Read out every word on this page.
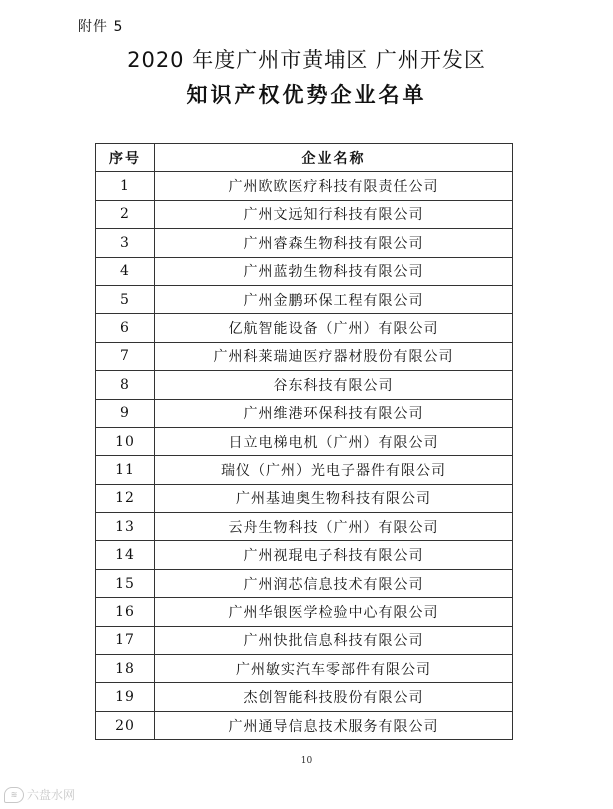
附件 5
2020 年度广州市黄埔区 广州开发区
知识产权优势企业名单
序号	企业名称
1	广州欧欧医疗科技有限责任公司
2	广州文远知行科技有限公司
3	广州睿森生物科技有限公司
4	广州蓝勃生物科技有限公司
5	广州金鹏环保工程有限公司
6	亿航智能设备（广州）有限公司
7	广州科莱瑞迪医疗器材股份有限公司
8	谷东科技有限公司
9	广州维港环保科技有限公司
10	日立电梯电机（广州）有限公司
11	瑞仪（广州）光电子器件有限公司
12	广州基迪奥生物科技有限公司
13	云舟生物科技（广州）有限公司
14	广州视琨电子科技有限公司
15	广州润芯信息技术有限公司
16	广州华银医学检验中心有限公司
17	广州快批信息科技有限公司
18	广州敏实汽车零部件有限公司
19	杰创智能科技股份有限公司
20	广州通导信息技术服务有限公司
10
≋ 六盘水网
